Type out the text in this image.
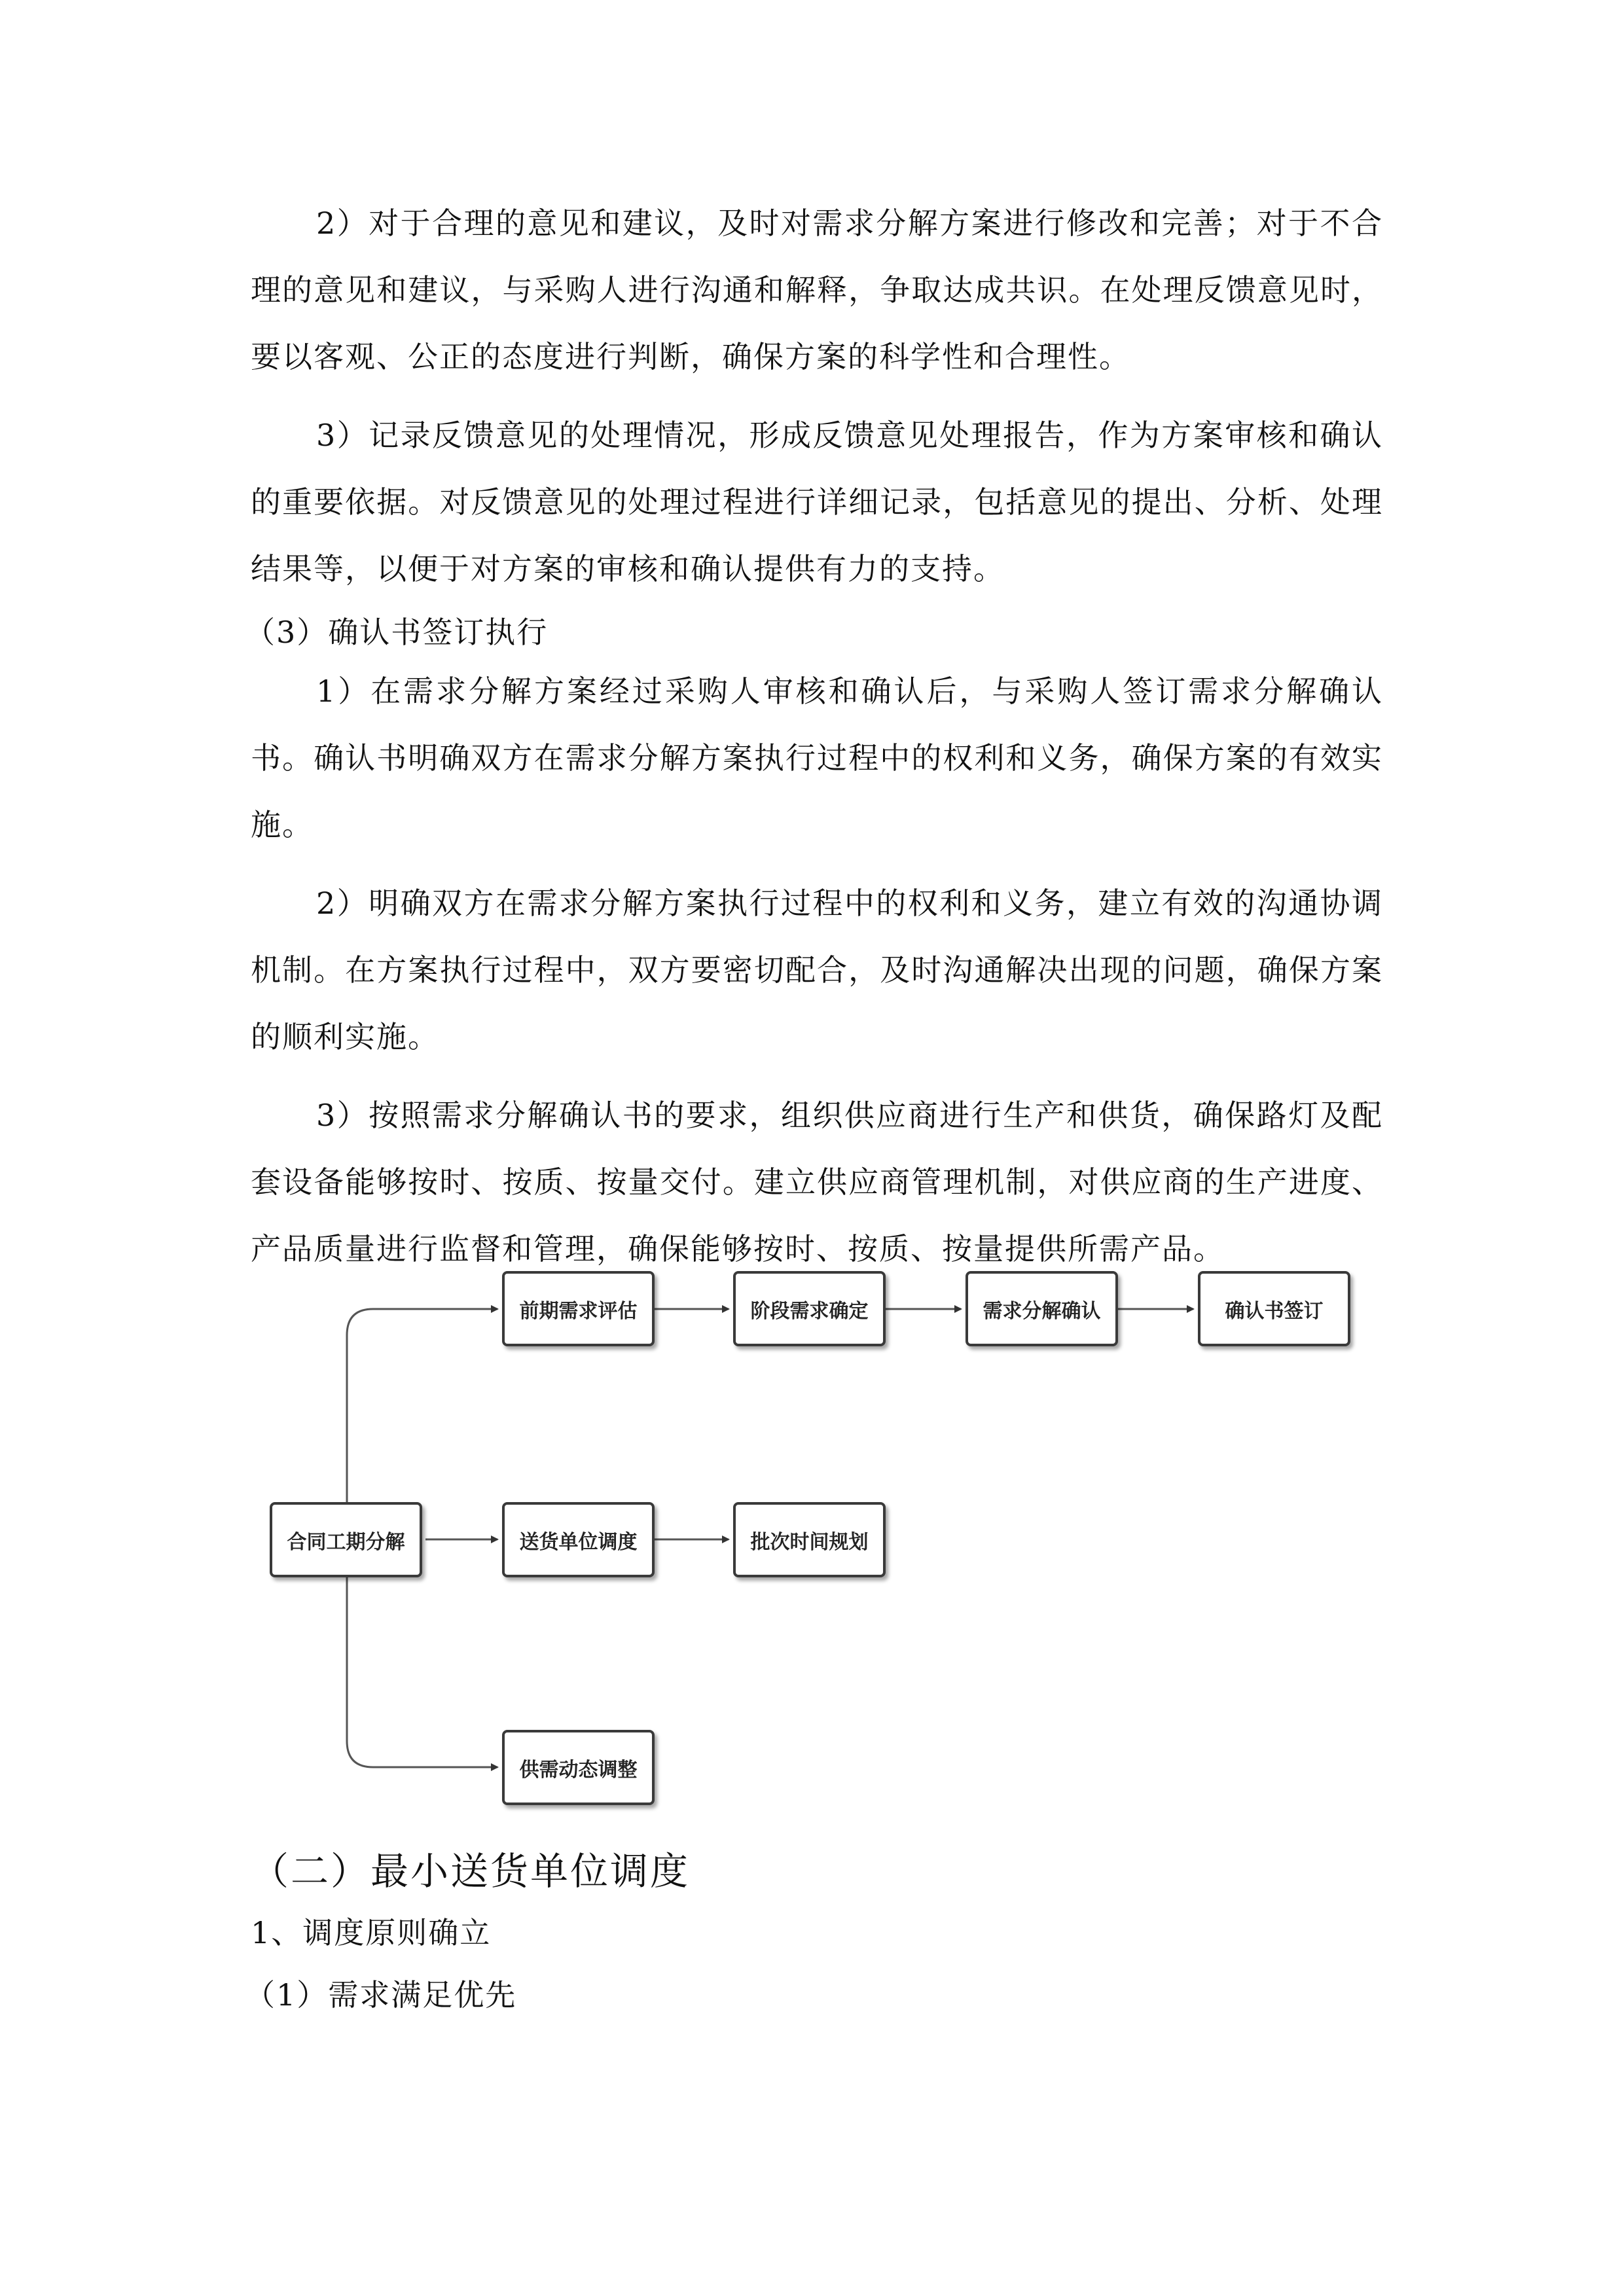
2）对于合理的意见和建议，及时对需求分解方案进行修改和完善；对于不合理的意见和建议，与采购人进行沟通和解释，争取达成共识。在处理反馈意见时，要以客观、公正的态度进行判断，确保方案的科学性和合理性。

3）记录反馈意见的处理情况，形成反馈意见处理报告，作为方案审核和确认的重要依据。对反馈意见的处理过程进行详细记录，包括意见的提出、分析、处理结果等，以便于对方案的审核和确认提供有力的支持。

（3）确认书签订执行

1）在需求分解方案经过采购人审核和确认后，与采购人签订需求分解确认书。确认书明确双方在需求分解方案执行过程中的权利和义务，确保方案的有效实施。

2）明确双方在需求分解方案执行过程中的权利和义务，建立有效的沟通协调机制。在方案执行过程中，双方要密切配合，及时沟通解决出现的问题，确保方案的顺利实施。

3）按照需求分解确认书的要求，组织供应商进行生产和供货，确保路灯及配套设备能够按时、按质、按量交付。建立供应商管理机制，对供应商的生产进度、产品质量进行监督和管理，确保能够按时、按质、按量提供所需产品。

合同工期分解
前期需求评估	阶段需求确定	需求分解确认	确认书签订
送货单位调度	批次时间规划
供需动态调整

（二）最小送货单位调度

1、调度原则确立

（1）需求满足优先
